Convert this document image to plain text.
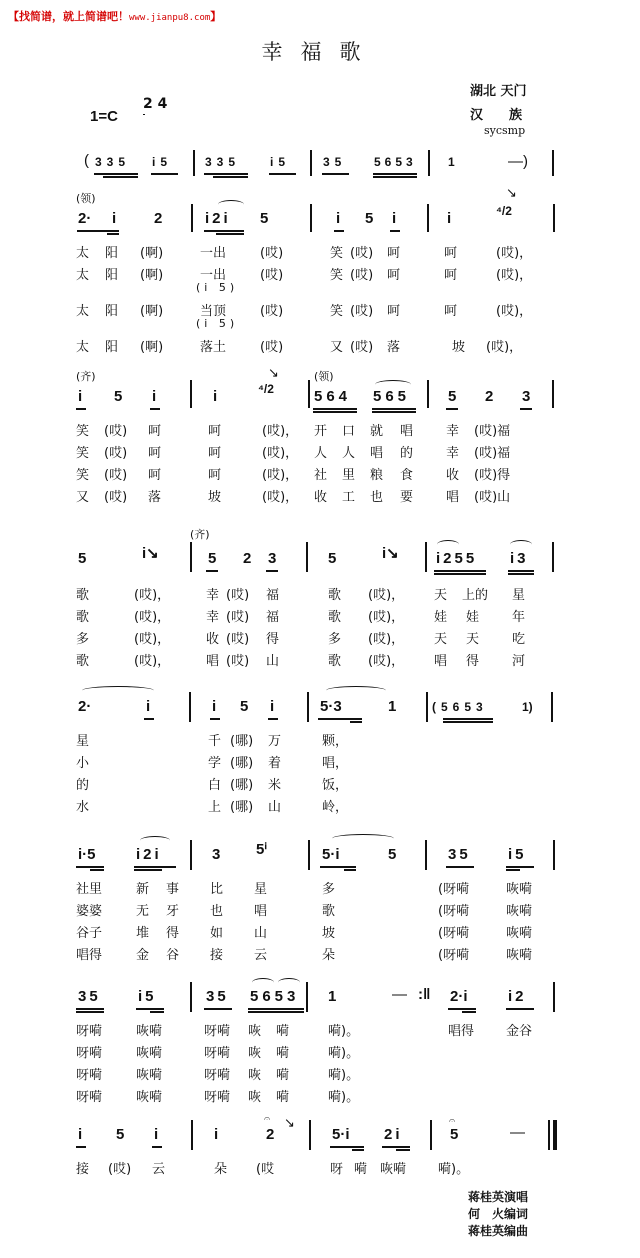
【找简谱，就上简谱吧！www.jianpu8.com】
幸福歌
湖北 天门
汉　　族
sycsmp
1=C
2 4
( 335 i5	335 i5	35 5653	1	—)
(领)
2· i	2	i2i 5	i 5 i	i	⁴/2
↘
太 阳 (啊)	一出	(哎)	笑 (哎) 呵	呵	(哎)，
太 阳 (啊)	一出	(哎)	笑 (哎) 呵	呵	(哎)，
(i 5)
太 阳 (啊)	当顶	(哎)	笑 (哎) 呵	呵	(哎)，
(i 5)
太 阳 (啊)	落土	(哎)	又 (哎) 落	坡 (哎)，
(齐)	(领)
i 5 i	i	⁴/2
↘
564 565	5 2 3
笑 (哎) 呵	呵	(哎)， 开 口 就 唱	幸 (哎)福
笑 (哎) 呵	呵	(哎)， 人 人 唱 的	幸 (哎)福
笑 (哎) 呵	呵	(哎)， 社 里 粮 食	收 (哎)得
又 (哎) 落	坡	(哎)， 收 工 也 要	唱 (哎)山
(齐)
5	i↘	5 2 3	5	i↘ i255 i3
歌	(哎)，	幸 (哎) 福	歌 (哎)， 天 上的 星
歌	(哎)，	幸 (哎) 福	歌 (哎)， 娃 娃	年
多	(哎)，	收 (哎) 得	多 (哎)， 天 天	吃
歌	(哎)，	唱 (哎) 山	歌 (哎)， 唱 得	河
2·	i	i 5 i	5·3	1	(5653	1)
星	千 (哪) 万	颗，
小	学 (哪) 着	唱，
的	白 (哪) 米	饭，
水	上 (哪) 山	岭，
i·5	i2i	3 5ⁱ	5·i	5	35 i5
社里	新 事 比 星	多	(呀嗬	咴嗬
婆婆	无 牙 也 唱	歌	(呀嗬	咴嗬
谷子	堆 得 如 山	坡	(呀嗬	咴嗬
唱得	金 谷 接 云	朵	(呀嗬	咴嗬
35 i5	35 5653 1	— :‖ 2·i	i2
呀嗬	咴嗬	呀嗬 咴 嗬	嗬)。	唱得 金谷
呀嗬	咴嗬	呀嗬 咴 嗬	嗬)。
呀嗬	咴嗬	呀嗬 咴 嗬	嗬)。
呀嗬	咴嗬	呀嗬 咴 嗬	嗬)。
i 5 i	i
𝄐
2
↘
5·i 2i
𝄐
5	—
接 (哎) 云	朵 (哎	呀 嗬 咴嗬 嗬)。
蒋桂英演唱
何　火编词
蒋桂英编曲
